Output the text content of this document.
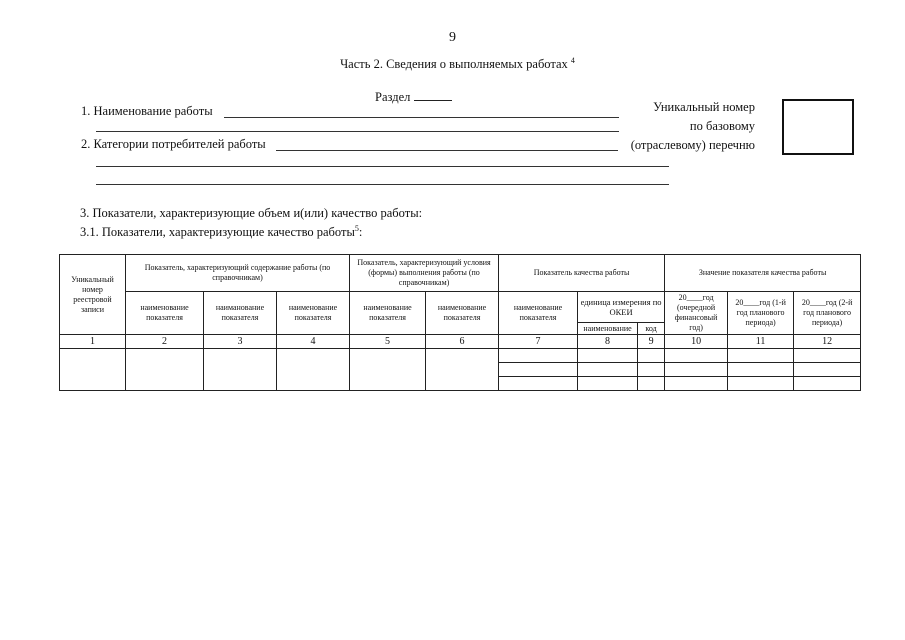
9
Часть 2. Сведения о выполняемых работах $^4$
Раздел
1. Наименование работы
2. Категории потребителей работы
Уникальный номер
по базовому
(отраслевому) перечню
3. Показатели, характеризующие объем и(или) качество работы:
3.1. Показатели, характеризующие качество работы$^5$:
Уникальный номер реестровой записи	Показатель, характеризующий содержание работы (по справочникам)			Показатель, характеризующий условия (формы) выполнения работы (по справочникам)		Показатель качества работы			Значение показателя качества работы		
	наименование показателя	наиманование показателя	наименование показателя	наименование показателя	наименование показателя	наименование показателя	единица измерения по ОКЕИ		20____год (очередной финансовый год)	20____год (1-й год планового периода)	20____год (2-й год планового периода)
							наименование	код			
1	2	3	4	5	6	7	8	9	10	11	12
